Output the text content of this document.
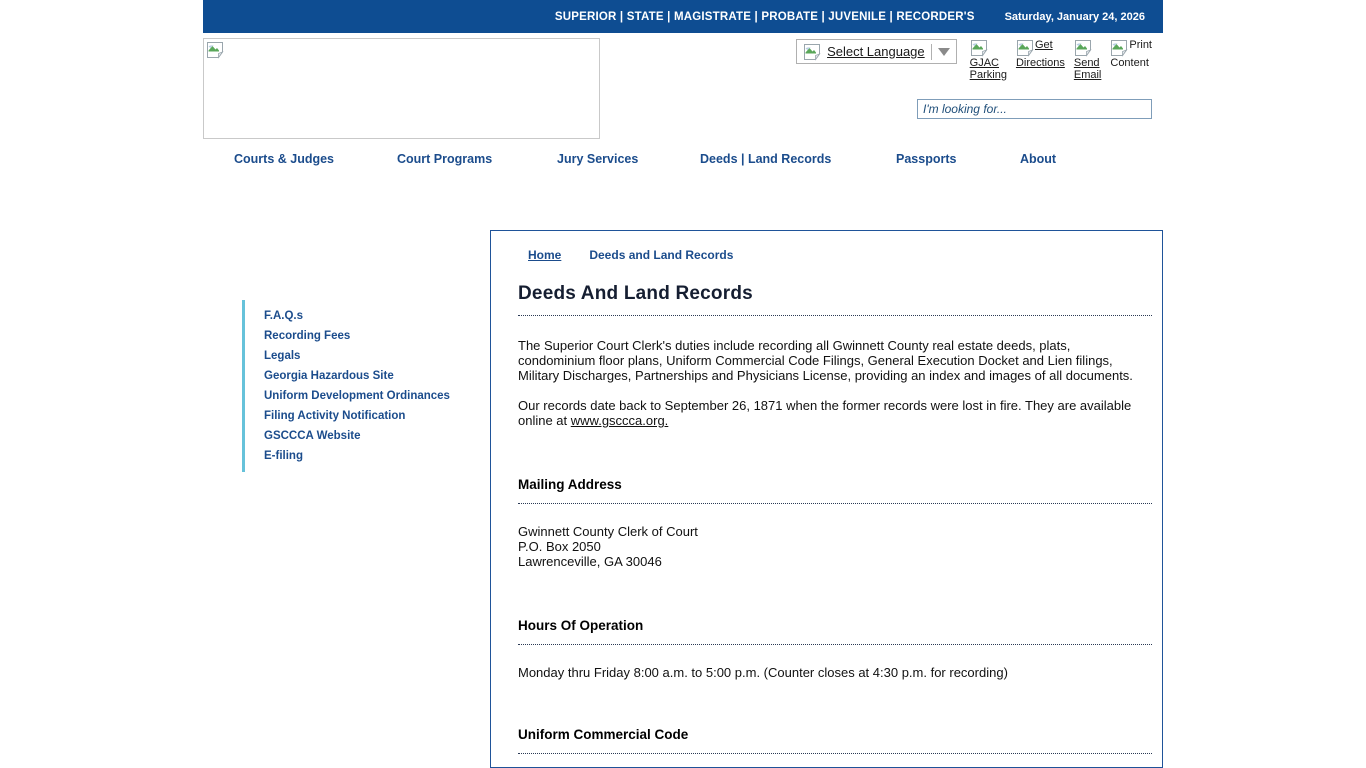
SUPERIOR | STATE | MAGISTRATE | PROBATE | JUVENILE | RECORDER'S	Saturday, January 24, 2026
Select Language
GJAC
Parking
Get
Directions Send
Email
Print
Content
I'm looking for...
Courts & Judges	Court Programs	Jury Services	Deeds | Land Records	Passports	About
F.A.Q.s
Recording Fees
Legals
Georgia Hazardous Site
Uniform Development Ordinances
Filing Activity Notification
GSCCCA Website
E-filing
Home Deeds and Land Records
Deeds And Land Records

The Superior Court Clerk's duties include recording all Gwinnett County real estate deeds, plats, condominium floor plans, Uniform Commercial Code Filings, General Execution Docket and Lien filings, Military Discharges, Partnerships and Physicians License, providing an index and images of all documents.

Our records date back to September 26, 1871 when the former records were lost in fire. They are available online at www.gsccca.org.

Mailing Address
Gwinnett County Clerk of Court
P.O. Box 2050
Lawrenceville, GA 30046
Hours Of Operation
Monday thru Friday 8:00 a.m. to 5:00 p.m. (Counter closes at 4:30 p.m. for recording)
Uniform Commercial Code
